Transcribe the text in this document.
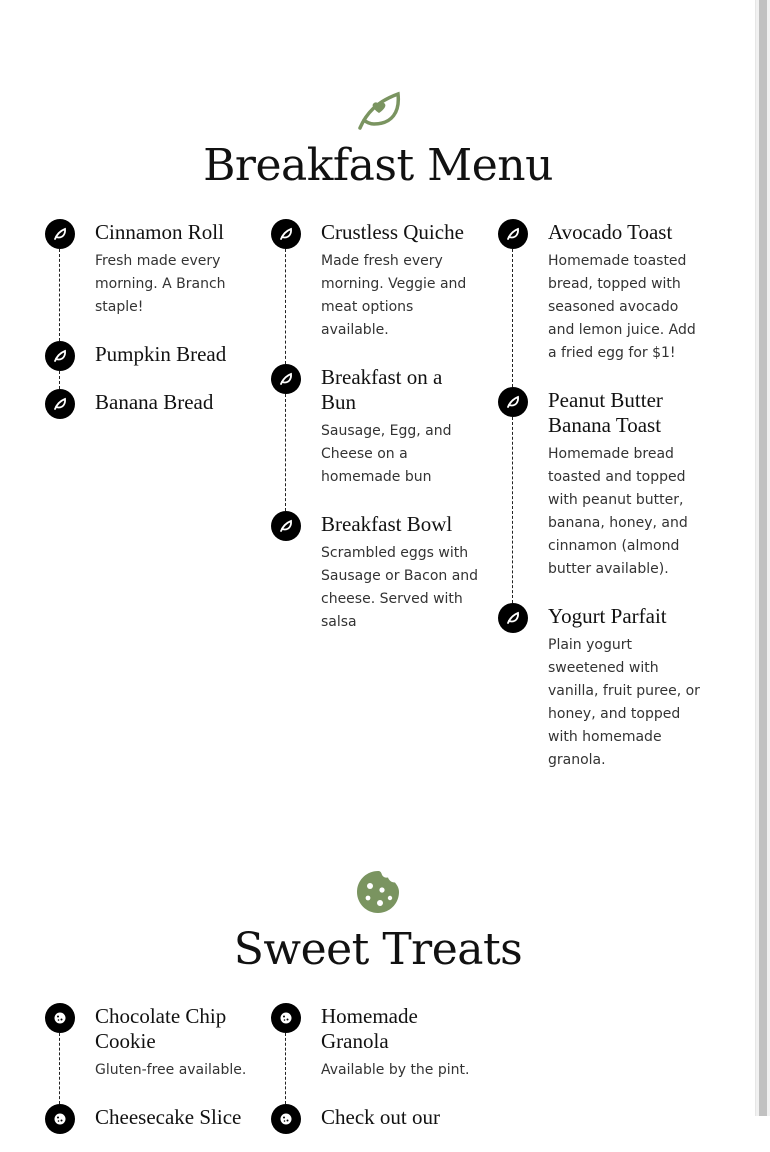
Breakfast Menu

Cinnamon Roll

Fresh made every morning. A Branch staple!

Pumpkin Bread

Banana Bread

Crustless Quiche

Made fresh every morning. Veggie and meat options available.

Breakfast on a Bun

Sausage, Egg, and Cheese on a homemade bun

Breakfast Bowl

Scrambled eggs with Sausage or Bacon and cheese. Served with salsa

Avocado Toast

Homemade toasted bread, topped with seasoned avocado and lemon juice. Add a fried egg for $1!

Peanut Butter Banana Toast

Homemade bread toasted and topped with peanut butter, banana, honey, and cinnamon (almond butter available).

Yogurt Parfait

Plain yogurt sweetened with vanilla, fruit puree, or honey, and topped with homemade granola.

Sweet Treats

Chocolate Chip Cookie

Gluten-free available.

Cheesecake Slice

Homemade Granola

Available by the pint.

Check out our
